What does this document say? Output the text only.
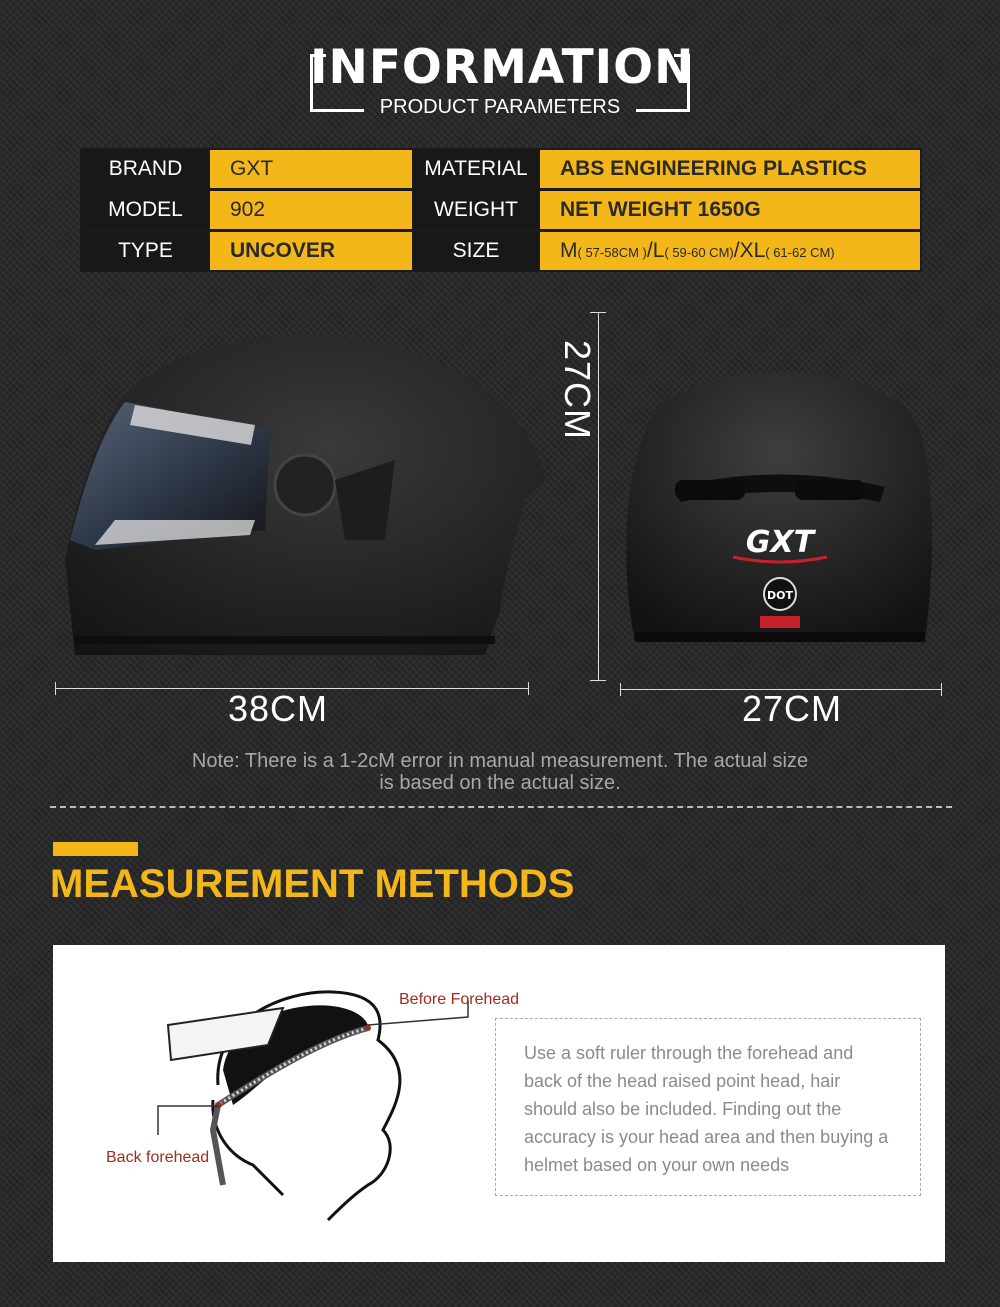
INFORMATION
PRODUCT PARAMETERS
BRAND	GXT	MATERIAL	ABS ENGINEERING PLASTICS
MODEL	902	WEIGHT	NET WEIGHT 1650G
TYPE	UNCOVER	SIZE	M( 57-58CM )/L( 59-60 CM)/XL( 61-62 CM)
GXT
DOT
38CM
27CM
27CM
Note: There is a 1-2cM error in manual measurement. The actual size
is based on the actual size.
MEASUREMENT METHODS
Before Forehead
Back forehead
Use a soft ruler through the forehead and back of the head raised point head, hair should also be included. Finding out the accuracy is your head area and then buying a helmet based on your own needs
